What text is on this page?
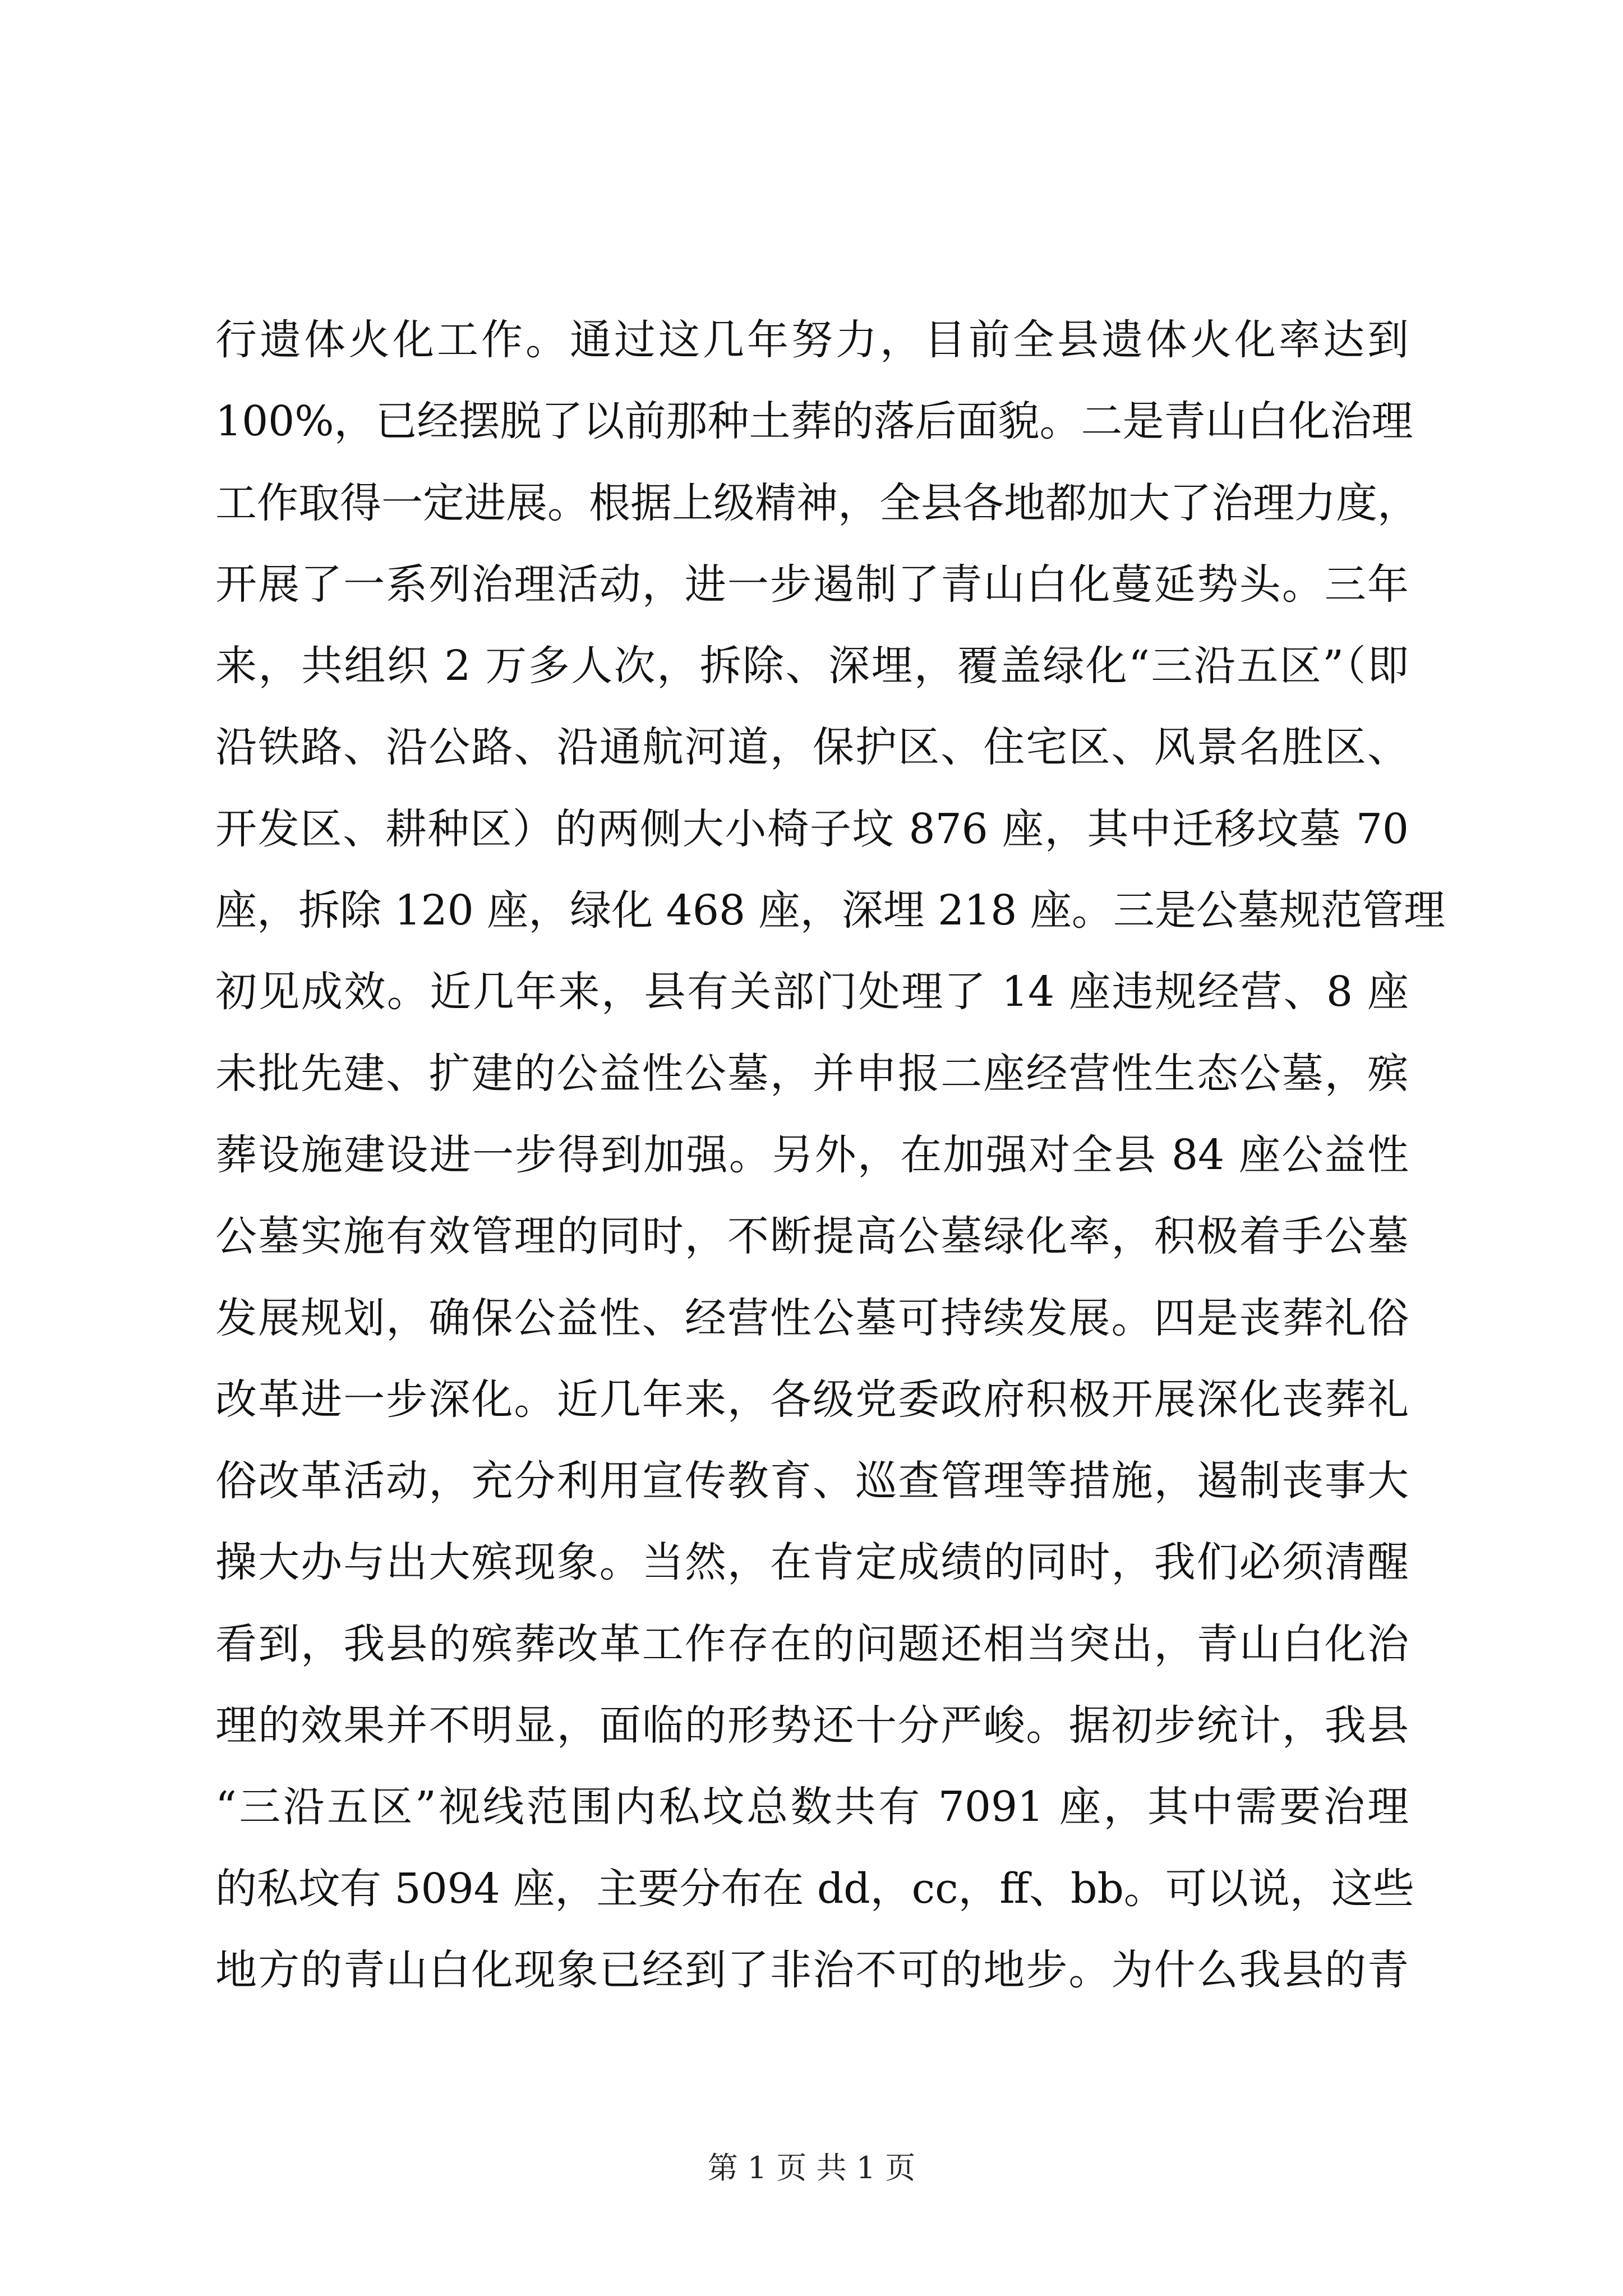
行遗体火化工作。通过这几年努力，目前全县遗体火化率达到
100%，已经摆脱了以前那种土葬的落后面貌。二是青山白化治理
工作取得一定进展。根据上级精神，全县各地都加大了治理力度，
开展了一系列治理活动，进一步遏制了青山白化蔓延势头。三年
来，共组织 2 万多人次，拆除、深埋，覆盖绿化“三沿五区”（即
沿铁路、沿公路、沿通航河道，保护区、住宅区、风景名胜区、
开发区、耕种区）的两侧大小椅子坟 876 座，其中迁移坟墓 70
座，拆除 120 座，绿化 468 座，深埋 218 座。三是公墓规范管理
初见成效。近几年来，县有关部门处理了 14 座违规经营、8 座
未批先建、扩建的公益性公墓，并申报二座经营性生态公墓，殡
葬设施建设进一步得到加强。另外，在加强对全县 84 座公益性
公墓实施有效管理的同时，不断提高公墓绿化率，积极着手公墓
发展规划，确保公益性、经营性公墓可持续发展。四是丧葬礼俗
改革进一步深化。近几年来，各级党委政府积极开展深化丧葬礼
俗改革活动，充分利用宣传教育、巡查管理等措施，遏制丧事大
操大办与出大殡现象。当然，在肯定成绩的同时，我们必须清醒
看到，我县的殡葬改革工作存在的问题还相当突出，青山白化治
理的效果并不明显，面临的形势还十分严峻。据初步统计，我县
“三沿五区”视线范围内私坟总数共有 7091 座，其中需要治理
的私坟有 5094 座，主要分布在 dd，cc，ff、bb。可以说，这些
地方的青山白化现象已经到了非治不可的地步。为什么我县的青
第 1 页 共 1 页
